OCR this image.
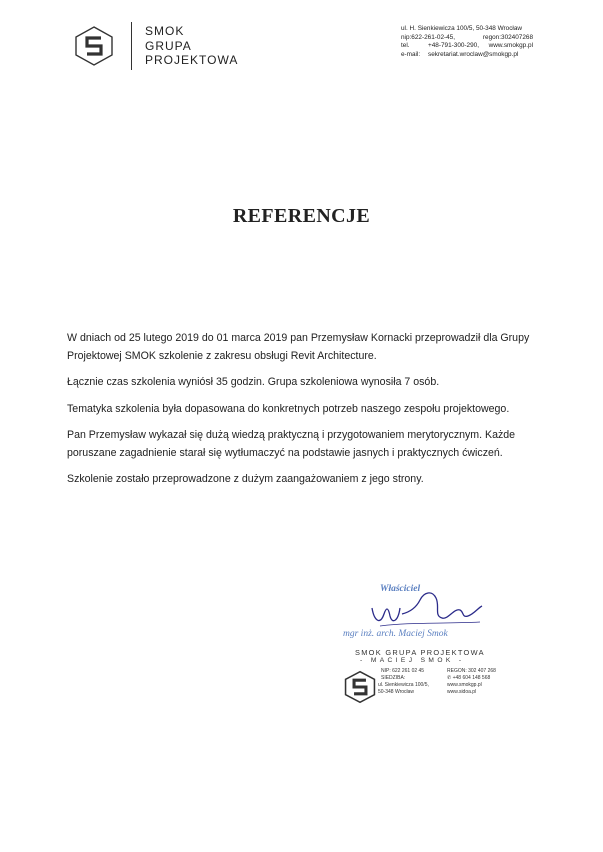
SMOK
GRUPA
PROJEKTOWA
ul. H. Sienkiewicza 100/5, 50-348 Wrocław
nip:622-261-02-45,	regon:302407268
tel.	+48-791-300-290, www.smokgp.pl
e-mail: sekretariat.wroclaw@smokgp.pl
REFERENCJE

W dniach od 25 lutego 2019 do 01 marca 2019 pan Przemysław Kornacki przeprowadził dla Grupy Projektowej SMOK szkolenie z zakresu obsługi Revit Architecture.

Łącznie czas szkolenia wyniósł 35 godzin. Grupa szkoleniowa wynosiła 7 osób.

Tematyka szkolenia była dopasowana do konkretnych potrzeb naszego zespołu projektowego.

Pan Przemysław wykazał się dużą wiedzą praktyczną i przygotowaniem merytorycznym. Każde poruszane zagadnienie starał się wytłumaczyć na podstawie jasnych i praktycznych ćwiczeń.

Szkolenie zostało przeprowadzone z dużym zaangażowaniem z jego strony.

Właściciel
mgr inż. arch. Maciej Smok
SMOK GRUPA PROJEKTOWA
- MACIEJ SMOK -
NIP: 622 261 02 45	REGON: 302 407 268
SIEDZIBA:	✆ +48 604 148 568
ul. Sienkiewicza 100/5,	www.smokgp.pl
50-348 Wrocław	www.sidoa.pl
